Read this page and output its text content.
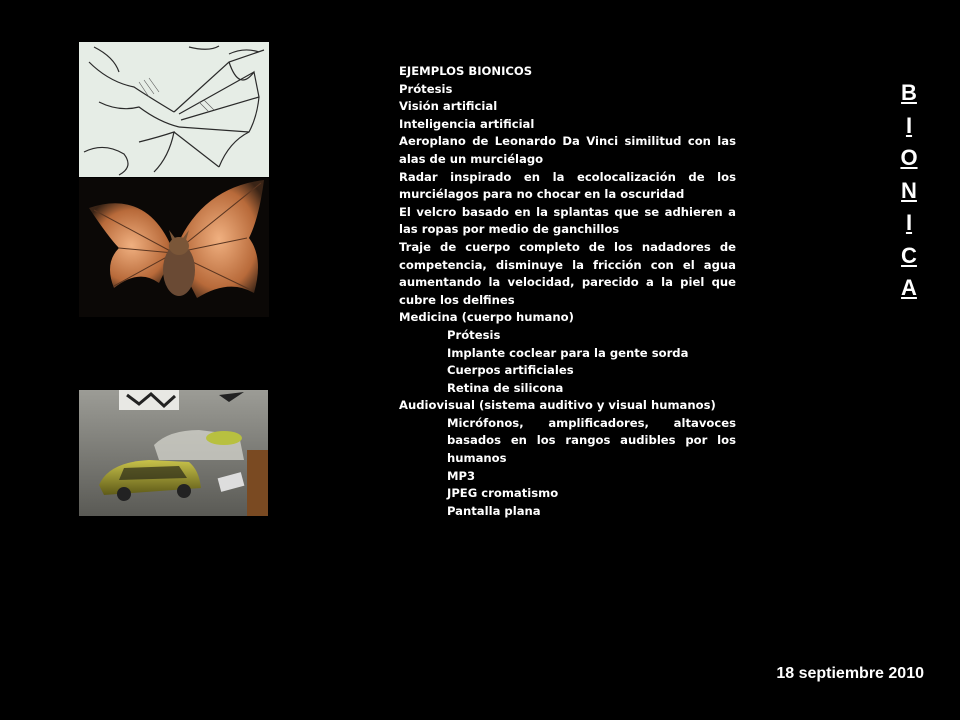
EJEMPLOS BIONICOS
Prótesis
Visión artificial
Inteligencia artificial
Aeroplano de Leonardo Da Vinci similitud con las alas de un murciélago
Radar inspirado en la ecolocalización de los murciélagos para no chocar en la oscuridad
El velcro basado en la splantas que se adhieren a las ropas por medio de ganchillos
Traje de cuerpo completo de los nadadores de competencia, disminuye la fricción con el agua aumentando la velocidad, parecido a la piel que cubre los delfines
Medicina (cuerpo humano)
Prótesis
Implante coclear para la gente sorda
Cuerpos artificiales
Retina de silicona
Audiovisual (sistema auditivo y visual humanos)
Micrófonos, amplificadores, altavoces basados en los rangos audibles por los humanos
MP3
JPEG cromatismo
Pantalla plana
B
I
O
N
I
C
A
18 septiembre 2010
